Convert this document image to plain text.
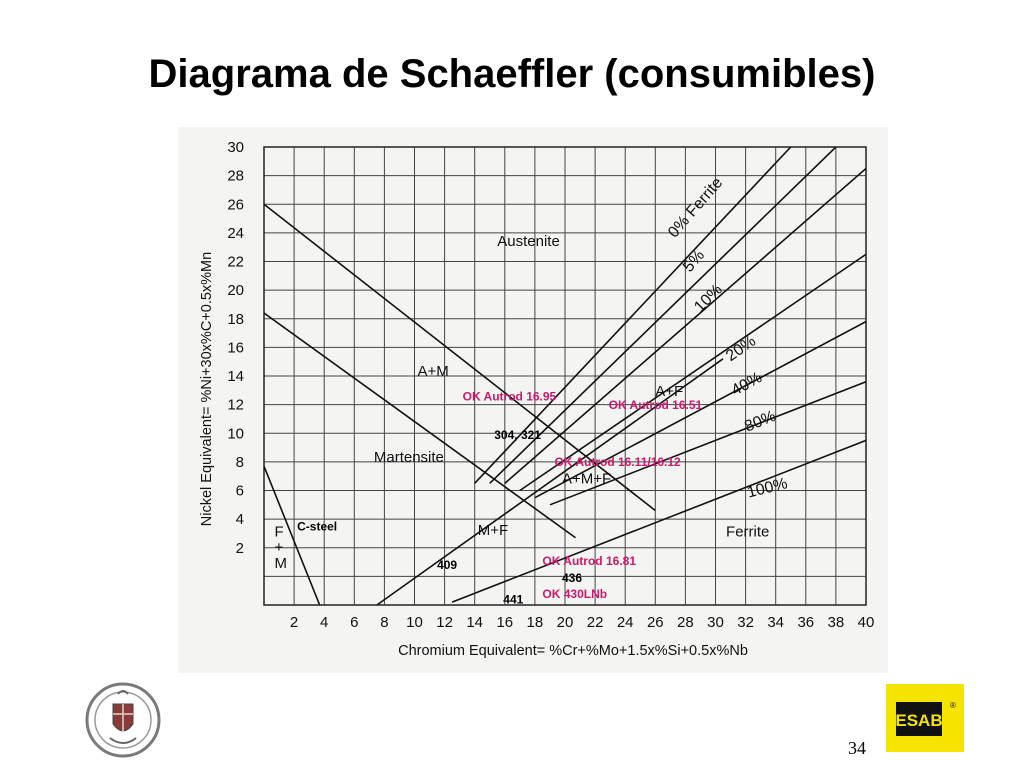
Diagrama de Schaeffler (consumibles)
2 4 6 8 10 12 14 16 18 20 22 24 26 28 30 32 34 36 38 40
2
4
6
8
10
12
14
16
18
20
22
24
26
28
30
Austenite
A+M
Martensite
A+F
A+M+F
M+F	Ferrite
F
+
M
0% Ferrite
5%
10%
20%
40%
80%
100%
OK Autrod 16.95
OK Autrod 16.51
304, 321
OK Autrod 16.11/16.12
C-steel
409	OK Autrod 16.81
436
441 OK 430LNb
Chromium Equivalent= %Cr+%Mo+1.5x%Si+0.5x%Nb
Nickel Equivalent= %Ni+30x%C+0.5x%Mn
34
ESAB
®
